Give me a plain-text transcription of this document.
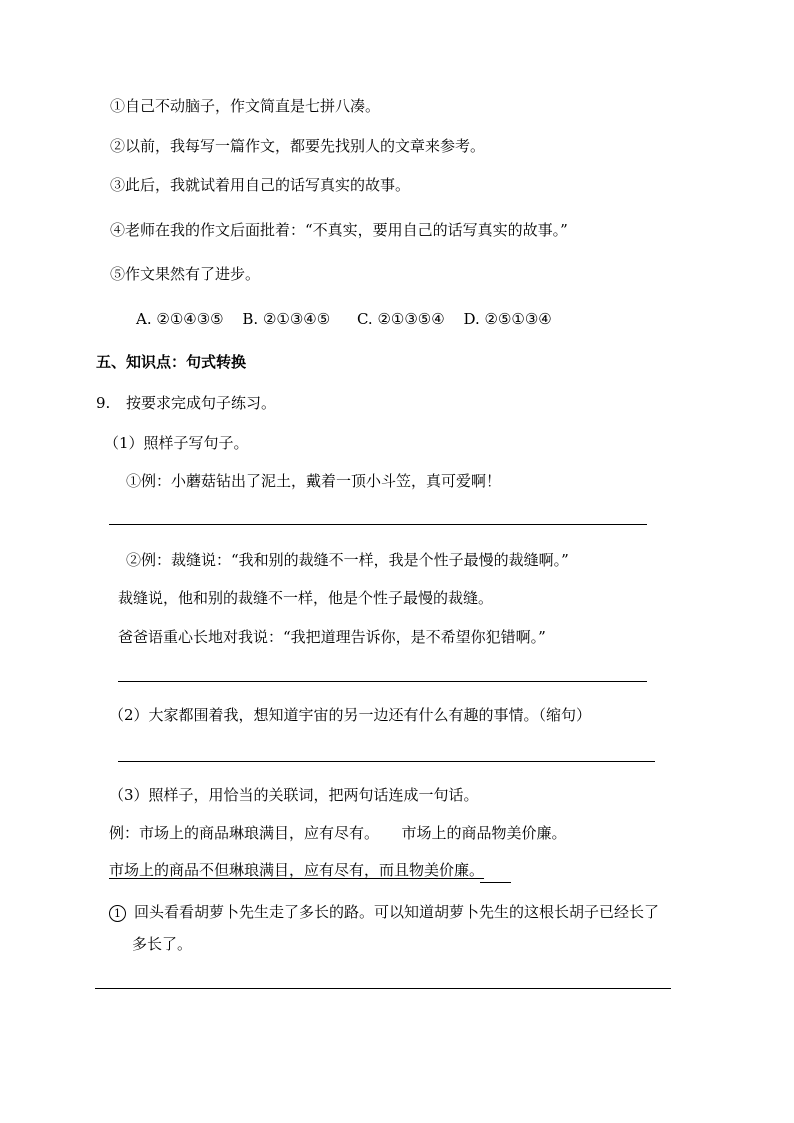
①自己不动脑子，作文简直是七拼八凑。
②以前，我每写一篇作文，都要先找别人的文章来参考。
③此后，我就试着用自己的话写真实的故事。
④老师在我的作文后面批着：“不真实，要用自己的话写真实的故事。”
⑤作文果然有了进步。
A. ②①④③⑤ B. ②①③④⑤ C. ②①③⑤④ D. ②⑤①③④
五、知识点：句式转换
9. 按要求完成句子练习。
（1）照样子写句子。
①例：小蘑菇钻出了泥土，戴着一顶小斗笠，真可爱啊！
②例：裁缝说：“我和别的裁缝不一样，我是个性子最慢的裁缝啊。”
裁缝说，他和别的裁缝不一样，他是个性子最慢的裁缝。
爸爸语重心长地对我说：“我把道理告诉你，是不希望你犯错啊。”
（2）大家都围着我，想知道宇宙的另一边还有什么有趣的事情。（缩句）
（3）照样子，用恰当的关联词，把两句话连成一句话。
例：市场上的商品琳琅满目，应有尽有。　　市场上的商品物美价廉。
市场上的商品不但琳琅满目，应有尽有，而且物美价廉。
1 回头看看胡萝卜先生走了多长的路。可以知道胡萝卜先生的这根长胡子已经长了
多长了。
